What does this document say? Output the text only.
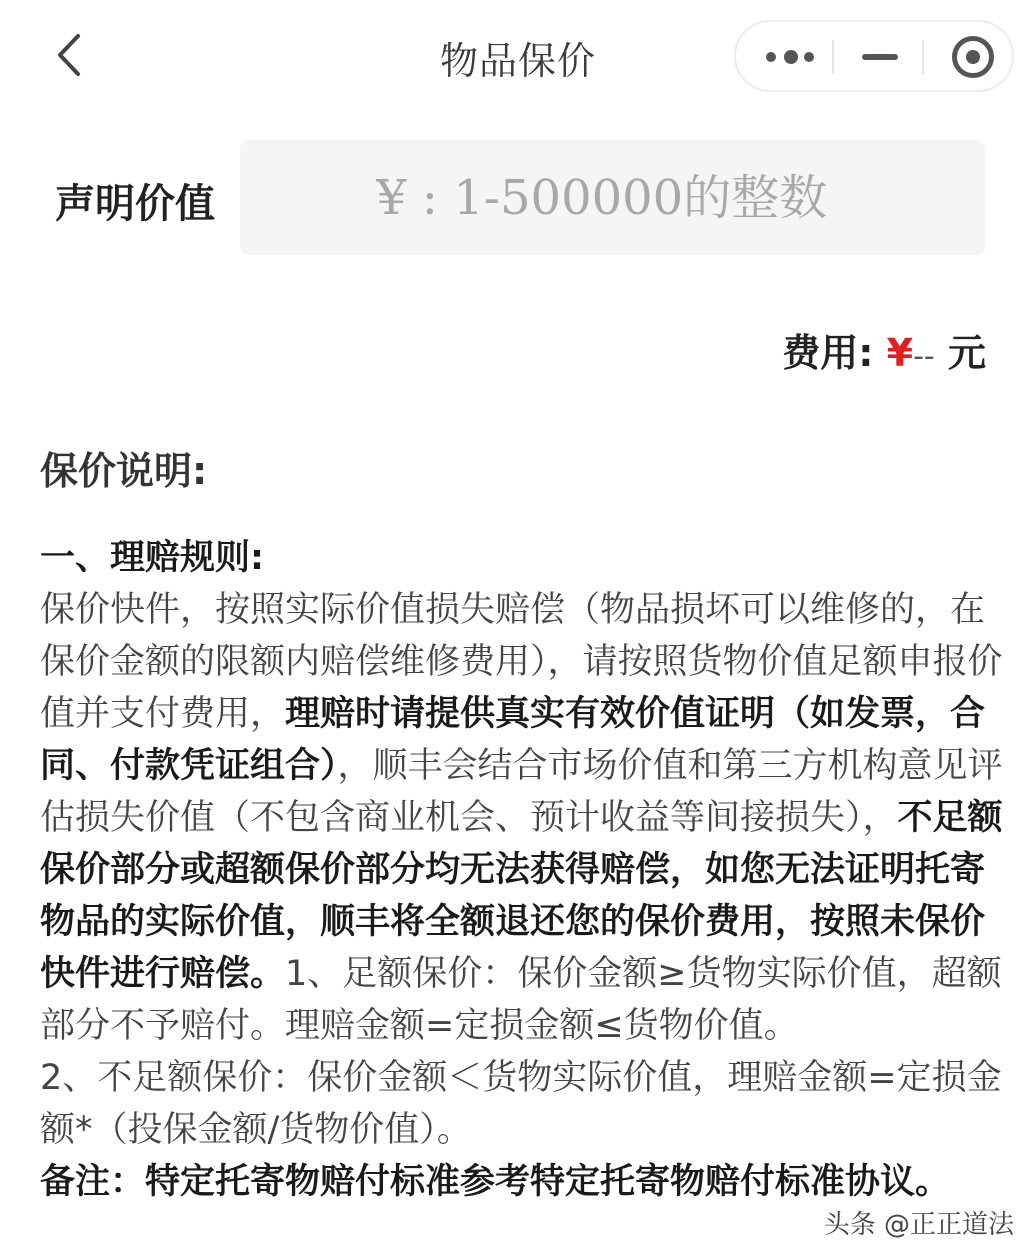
物品保价
声明价值
¥ : 1-500000的整数
费用: ¥-- 元
保价说明:

一、理赔规则:

保价快件，按照实际价值损失赔偿（物品损坏可以维修的，在保价金额的限额内赔偿维修费用），请按照货物价值足额申报价值并支付费用，理赔时请提供真实有效价值证明（如发票，合同、付款凭证组合），顺丰会结合市场价值和第三方机构意见评估损失价值（不包含商业机会、预计收益等间接损失），不足额保价部分或超额保价部分均无法获得赔偿，如您无法证明托寄物品的实际价值，顺丰将全额退还您的保价费用，按照未保价快件进行赔偿。1、足额保价：保价金额≥货物实际价值，超额部分不予赔付。理赔金额=定损金额≤货物价值。

2、不足额保价：保价金额＜货物实际价值，理赔金额=定损金额*（投保金额/货物价值）。

备注：特定托寄物赔付标准参考特定托寄物赔付标准协议。

头条 @正正道法
